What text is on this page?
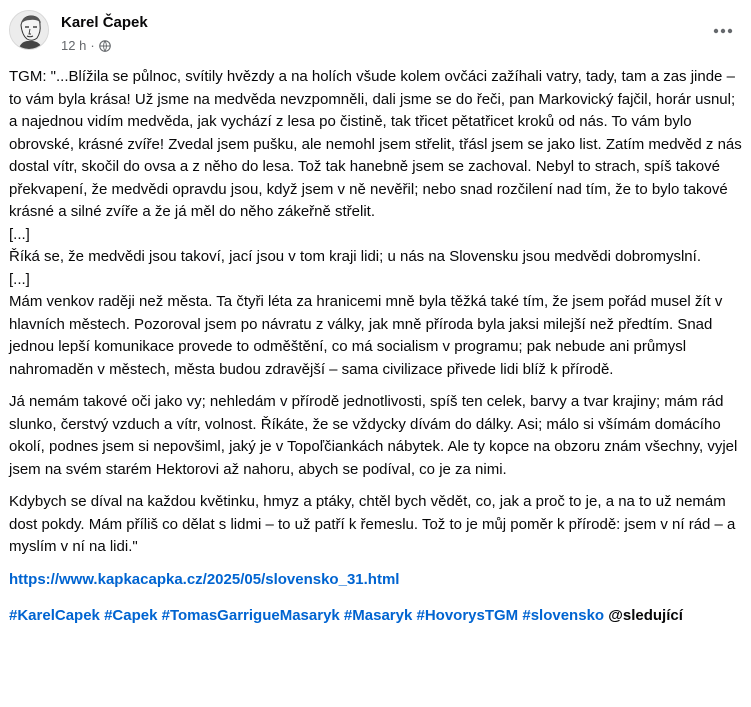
Karel Čapek
12 h ·

TGM: "...Blížila se půlnoc, svítily hvězdy a na holích všude kolem ovčáci zažíhali vatry, tady, tam a zas jinde – to vám byla krása! Už jsme na medvěda nevzpomněli, dali jsme se do řeči, pan Markovický fajčil, horár usnul; a najednou vidím medvěda, jak vychází z lesa po čistině, tak třicet pětatřicet kroků od nás. To vám bylo obrovské, krásné zvíře! Zvedal jsem pušku, ale nemohl jsem střelit, třásl jsem se jako list. Zatím medvěd z nás dostal vítr, skočil do ovsa a z něho do lesa. Tož tak hanebně jsem se zachoval. Nebyl to strach, spíš takové překvapení, že medvědi opravdu jsou, když jsem v ně nevěřil; nebo snad rozčilení nad tím, že to bylo takové krásné a silné zvíře a že já měl do něho zákeřně střelit.
[...]
Říká se, že medvědi jsou takoví, jací jsou v tom kraji lidi; u nás na Slovensku jsou medvědi dobromyslní.
[...]
Mám venkov raději než města. Ta čtyři léta za hranicemi mně byla těžká také tím, že jsem pořád musel žít v hlavních městech. Pozoroval jsem po návratu z války, jak mně příroda byla jaksi milejší než předtím. Snad jednou lepší komunikace provede to odměštění, co má socialism v programu; pak nebude ani průmysl nahromaděn v městech, města budou zdravější – sama civilizace přivede lidi blíž k přírodě.

Já nemám takové oči jako vy; nehledám v přírodě jednotlivosti, spíš ten celek, barvy a tvar krajiny; mám rád slunko, čerstvý vzduch a vítr, volnost. Říkáte, že se vždycky dívám do dálky. Asi; málo si všímám domácího okolí, podnes jsem si nepovšiml, jaký je v Topoľčiankách nábytek. Ale ty kopce na obzoru znám všechny, vyjel jsem na svém starém Hektorovi až nahoru, abych se podíval, co je za nimi.

Kdybych se díval na každou květinku, hmyz a ptáky, chtěl bych vědět, co, jak a proč to je, a na to už nemám dost pokdy. Mám příliš co dělat s lidmi – to už patří k řemeslu. Tož to je můj poměr k přírodě: jsem v ní rád – a myslím v ní na lidi."

https://www.kapkacapka.cz/2025/05/slovensko_31.html
#KarelCapek #Capek #TomasGarrigueMasaryk #Masaryk #HovorysTGM #slovensko @sledující
